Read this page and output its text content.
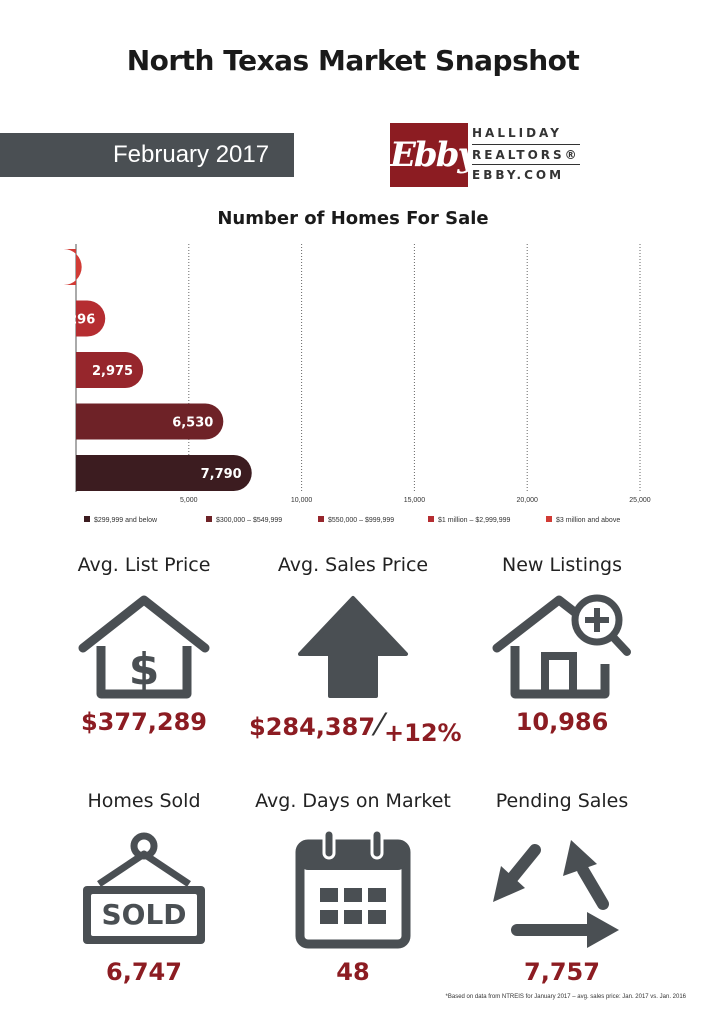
North Texas Market Snapshot
February 2017	Ebby
HALLIDAY
REALTORS®
EBBY.COM
Number of Homes For Sale
5,000	10,000	15,000	20,000	25,000
252
1,296
2,975
6,530
7,790
$299,999 and below	$300,000 – $549,999	$550,000 – $999,999	$1 million – $2,999,999	$3 million and above
Avg. List Price
$
$377,289
Avg. Sales Price
$284,387⁄+12%
New Listings
10,986
Homes Sold
SOLD
6,747
Avg. Days on Market
48
Pending Sales
7,757
*Based on data from NTREIS for January 2017 – avg. sales price: Jan. 2017 vs. Jan. 2016
